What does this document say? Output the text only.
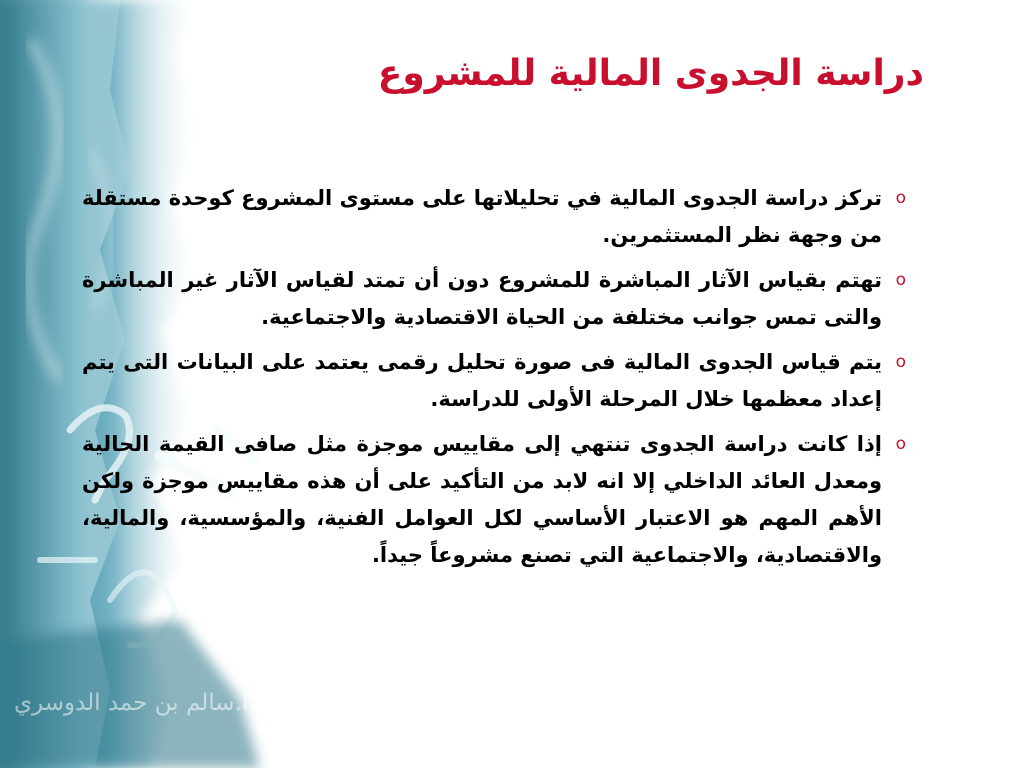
دراسة الجدوى المالية للمشروع
o
تركز دراسة الجدوى المالية في تحليلاتها على مستوى المشروع كوحدة مستقلة من وجهة نظر المستثمرين.
o
تهتم بقياس الآثار المباشرة للمشروع دون أن تمتد لقياس الآثار غير المباشرة والتى تمس جوانب مختلفة من الحياة الاقتصادية والاجتماعية.
o
يتم قياس الجدوى المالية فى صورة تحليل رقمى يعتمد على البيانات التى يتم إعداد معظمها خلال المرحلة الأولى للدراسة.
o
إذا كانت دراسة الجدوى تنتهي إلى مقاييس موجزة مثل صافى القيمة الحالية ومعدل العائد الداخلي إلا انه لابد من التأكيد على أن هذه مقاييس موجزة ولكن الأهم المهم هو الاعتبار الأساسي لكل العوامل الفنية، والمؤسسية، والمالية، والاقتصادية، والاجتماعية التي تصنع مشروعاً جيداً.
أ.سالم بن حمد الدوسري
